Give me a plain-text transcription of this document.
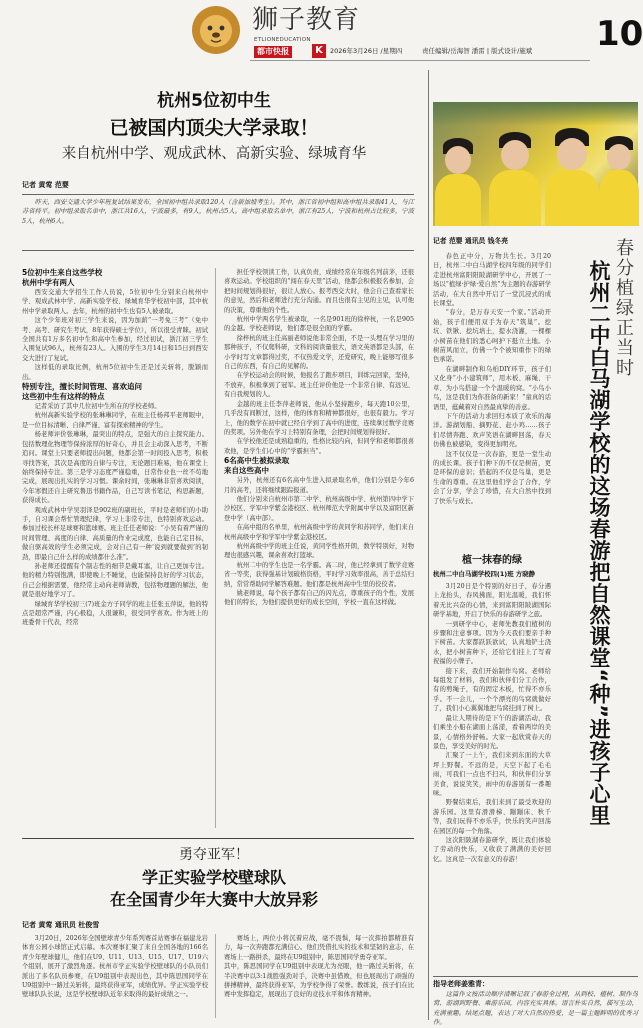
狮子教育
ETLIONEDUCATION
都市快报	K	2026年3月26日 /星期四	责任编辑/岳海智 潘雷 | 版式设计/施斌 10
杭州5位初中生
已被国内顶尖大学录取！
来自杭州中学、观成武林、高新实验、绿城育华
记者 黄莺 范婴
昨天，西安交通大学少年班复试结果发布，全国初中组共录取120人（含新加坡考生）。其中，浙江省初中组和高中组共录取41人，与江苏省持平。初中组录取名单中，浙江共16人，宁波最多，有9人，杭州占5人。高中组录取名单中，浙江有25人，宁波和杭州占比较多，宁波5人，杭州6人。
5位初中生来自这些学校
杭州中学有两人

西安交通大学招生工作人员说，5位初中生分别来自杭州中学、观成武林中学、高新实验学校、绿城育华学校初中部，其中杭州中学录取两人。去年，杭州的初中生也有5人被录取。

这个少年班对初三学生来说，因为加薪“一考免三考”（免中考、高考、研究生考试，8年获得硕士学位），所以很受青睐。初试全国共有1万多名初中生和高中生参加，经过初试，浙江初三学生入围复试96人，杭州有23人。入围的学生3月14日和15日到西安交大进行了复试。

这样低的录取比例，杭州5位初中生还是过关斩将，脱颖而出。

特别专注，擅长时间管理、喜欢追问
这些初中生有这样的特点

记者采访了其中几位初中生所在的学校老师。

杭州高新实验学校的张琳琳同学，在班主任杨邦平老师眼中，是一位目标清晰、自律严谨、富有探索精神的学生。

杨老师评价张琳琳，最突出的特点，是强大的自主探究能力。包括数理化物理等保持浓厚的好奇心，并且会主动深入思考，不断追问。课堂上只要老师提出问题，他都会第一时间投入思考，积极寻找答案，其次是高度的自律与专注，无论题目难易，他在课堂上始终保持专注。第三是学习态度严谨稳重，日常作业也一丝不苟地完成，展现出扎实的学习习惯。课余时间，张琳琳非常喜欢阅读，今年寒假还自主研究鲁迅书籍作品，自己写读书笔记，构思新题，获得成长。

观成武林中学吴羽泽是902班的副班长，平时是老师们的小助手，自习课会帮忙管理纪律，学习上非常专注，也特别喜欢运动。参加过校长杯足球赛和篮球赛。班主任任老师说：“小吴有着严谨的时间管理、高度的自律、高质量的作业完成度，也能自己定目标，做自驱高效的学生必须完成，会对自己有一种‘说到就要做到’的韧劲，即最自己什么样的成绩都什么准”。

孙老师还提醒有个制志性的细节是戴耳塞，让自己更加专注。他的精力特别饱满，即使晚上不睡觉，也能保持良好的学习状态，自己会根据需要，他经常主动向老师请教，包括物理题的解法，他就是很好地学习了。

绿城育华学校初三(7)班金方子同学的班主任张玉萍说，他的特点是超常严谨，内心极稳，人很谦和，很受同学喜欢。作为班上的班委骨干代表，经常

担任学校领读工作，认真负责，成绩经常在年级名列前茅，还很喜欢运动。学校组织的“闯在春天里”活动，他都会积极报名参加，会把时间规划得很好，很让人放心。报考西交大时，他会自己查看家长的意见，然后和老师进行充分沟通。而且也很有主见的主见，认可他的决策，尊重他的个性。

杭州中学两名学生被录取，一名是901班的徐梓杭，一名是905的金越。学校老师说，他们都是很全面的学霸。

徐梓杭的班主任高丽老师说他非常全面，不是一头埋在学习里的那种孩子，不仅爬科研，文科的阅读量很大，语文英语都是头部，在小学时写文章都得过奖，不仅热爱文学，还爱研究，晚上能够写很多自己的东西，有自己的见解的。

在学校运动会的时候，他报名了跑步项目，训练完回家，坚持，不放弃，积极拿到了冠军。班主任评价他是一个非常自律、有远见、有自我规划的人。

金越的班主任李萍老师说，他从小坚持跑步，每天跑10公里，几乎没有间断过，这样，他的体育和精神都很好，也很有毅力。学习上，他的数学在初中就已经自学到了高中的进度，连续拿过数学竞赛的奖项。另外他在学习上特别有条理，会把时间规划得很好。

在学校他还是成熟稳重的，性格比较内向，但同学和老师都很喜欢他，是学生们心中的“学霸担当”。

6名高中生被拟录取
来自这些高中

另外，杭州还有6名高中生进入拟录取名单，他们分别是今年6月的高考，还将继续跟踪报道。

他们分别来自杭州市第二中学、杭州高级中学、杭州第四中学下沙校区、学军中学紫金港校区、杭州师范大学附属中学以及富阳区新登中学（高中部）。

在高中组的名单里，杭州高级中学的黄同学和苏同学，他们来自杭州高级中学和学军中学紫金港校区。

杭州高级中学的班主任说，黄同学性格开朗，数学特别好，对物理也很感兴趣，课余喜欢打篮球。

杭州二中的学生也是一名学霸。高二时，他已经拿到了数学竞赛省一等奖，获得强基计划破格资格，平时学习效率很高，善于总结归纳，常常帮助同学解答难题。他们都是杭州高中生里的佼佼者。

姚老师说，每个孩子都有自己的闪光点，尊重孩子的个性，发展他们的特长，为他们提供更好的成长空间，学校一直在这样做。

勇夺亚军！
学正实验学校壁球队
在全国青少年大赛中大放异彩
记者 黄莺 通讯员 杜俊雪
3月20日，2026年全国壁球青少年系列赛首站赛事在福建龙岩体育公园小球馆正式启幕。本次赛事汇聚了来自全国各地的166名青少年壁球健儿，他们在U9、U11、U13、U15、U17、U19六个组别，展开了激烈角逐。杭州市学正实验学校壁球队的小队员们派出了多名队员参赛，在U9组别中表现出色，其中陈思国同学在U9组别中一路过关斩将，最终获得亚军，成绩优异。学正实验学校壁球队队长说，这是学校壁球队近年来取得的最好成绩之一。
赛场上，两位小将沉着应战，毫不畏惧，每一次挥拍都精准有力，每一次奔跑都充满信心。他们凭借扎实的技术和坚韧的意志，在赛场上一路拼杀，最终在U9组别中，陈思国同学勇夺亚军。
其中，陈思国同学在U9组别中表现尤为亮眼，他一路过关斩将，在半决赛中以3:1战胜强劲对手，决赛中虽惜败，但也展现出了顽强的拼搏精神，最终获得亚军，为学校争得了荣誉。教练说，孩子们在比赛中发挥稳定，展现出了良好的竞技水平和体育精神。
春分植绿正当时
杭州二中白马湖学校的这场春游把自然课堂“种”进孩子心里
记者 范婴 通讯员 钱冬亮

春色正中分，万物共生长。3月20日，杭州二中白马湖学校四年级的同学们走进杭州富阳阳陂湖研学中心，开展了一场以“植绿·护绿·爱自然”为主题的春游研学活动，在大自然中开启了一堂沉浸式的成长课堂。

“春分，是万春天安一个家。”活动开始，孩子们便用双手为春天“筑巢”。挖坑、铁锹、挖坑培土，提水浇灌，一棵棵小树苗在他们的悉心呵护下挺立土地。小树苗风而立，仿佛一个个被知重作下的绿色承诺。

在湖畔制作和乌桕DIY环节，孩子们又化身“小小建筑师”，用木板、麻绳、干草、为小鸟搭建一个个温暖的窝。“小鸟小鸟，这是我们为你准备的新家！”童真的话语里，蕴藏着对自然最真挚的善意。

下午的活动力求回归本质了欢乐的海洋。游湖划船、摘野花、赶小鸡……孩子们尽情奔跑、欢声笑语在湖畔回荡，春天仿佛也被感染，变得更加明亮。

这不仅仅是一次春游，更是一堂生动的成长课。孩子们种下的不仅是树苗，更是环保的意识；搭起的不仅是鸟巢，更是生命的尊重。在这里他们学会了合作，学会了分享，学会了珍惜，在大自然中找到了快乐与成长。

植一抹春的绿
杭州二中白马湖学校四(1)班 方晓静

3月20日是个特别的好日子，春分遇上龙抬头，春风拂面，阳光温暖，我们怀着无比兴奋的心情，来到富阳阳陂湖国际研学基地，开启了快乐的春游研学之旅。

一到研学中心，老师先教我们植树的步骤和注意事项。因为今天我们要亲手种下树苗。大家都跃跃欲试，认真地铲土浇水，把小树苗种下，还给它们挂上了写着祝福的小牌子。

接下来，我们开始制作鸟窝。老师给每组发了材料，我们和伙伴们分工合作，有的剪绳子，有的固定木板，忙得不亦乐乎。不一会儿，一个个漂亮的鸟窝就做好了，我们小心翼翼地把鸟窝挂到了树上。

最让人期待的是下午的游湖活动，我们乘坐小船在湖面上荡漾，看着两岸的美景，心情格外舒畅。大家一起欣赏春天的景色，享受美好的时光。

汇聚了一上午，我们来到东面的大草坪上野餐。不远的是，天空下起了毛毛雨，可我们一点也不扫兴，和伙伴们分享美食，说说笑笑，雨中的春游别有一番趣味。

野餐结束后，我们来到了最受欢迎的游乐园。这里有滑滑梯、蹦蹦床、秋千等，我们玩得不亦乐乎，快乐的笑声回荡在园区的每一个角落。

这次阳陂湖春游研学，既让我们体验了劳动的快乐，又收获了满满的美好回忆。这真是一次有意义的春游！

指导老师姜雅青：
这篇作文按活动顺序清晰记叙了春游全过程，从到校、植树、制作鸟窝、游湖到野餐、乘游乐园，内容充实具体。语言朴实自然，描写生动，充满童趣。结尾点题，表达了对大自然的热爱，是一篇主题鲜明的优秀习作。
